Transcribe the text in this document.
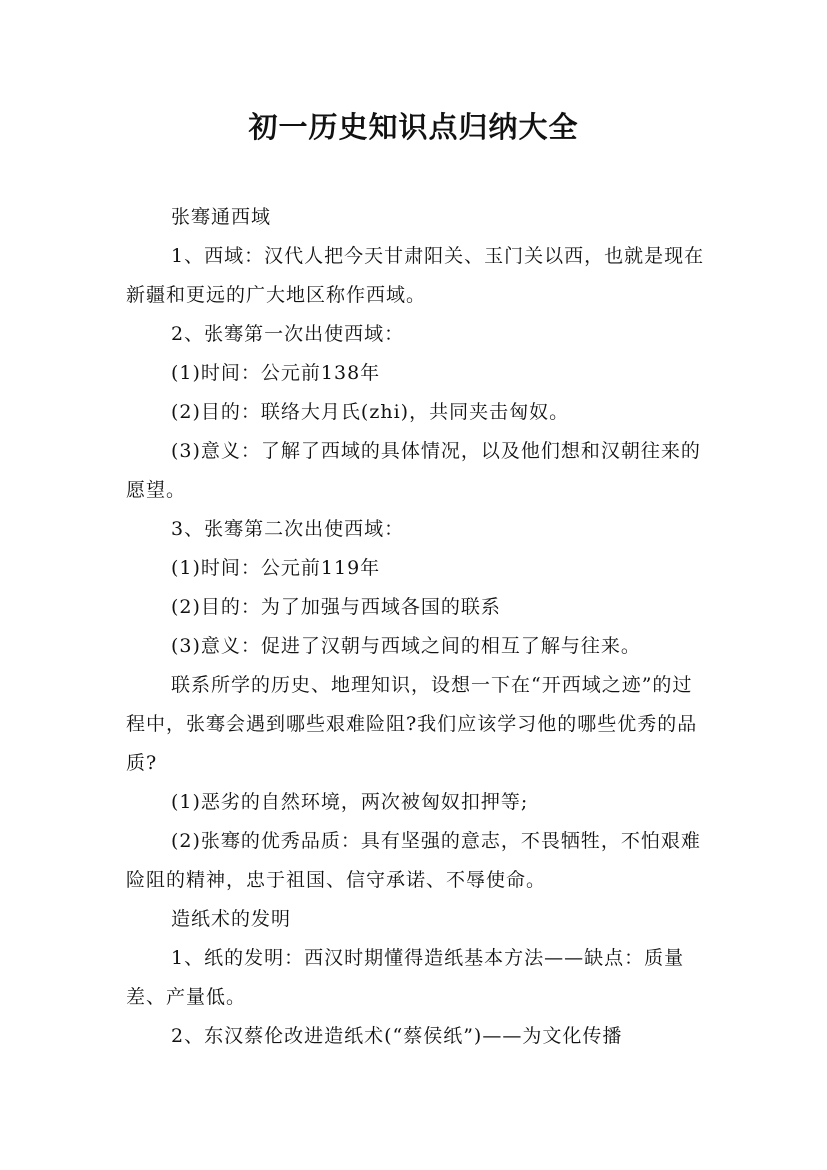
初一历史知识点归纳大全

张骞通西域

1、西域：汉代人把今天甘肃阳关、玉门关以西，也就是现在新疆和更远的广大地区称作西域。

2、张骞第一次出使西域：

(1)时间：公元前138年

(2)目的：联络大月氏(zhi)，共同夹击匈奴。

(3)意义：了解了西域的具体情况，以及他们想和汉朝往来的愿望。

3、张骞第二次出使西域：

(1)时间：公元前119年

(2)目的：为了加强与西域各国的联系

(3)意义：促进了汉朝与西域之间的相互了解与往来。

联系所学的历史、地理知识，设想一下在“开西域之迹”的过程中，张骞会遇到哪些艰难险阻?我们应该学习他的哪些优秀的品质?

(1)恶劣的自然环境，两次被匈奴扣押等;

(2)张骞的优秀品质：具有坚强的意志，不畏牺牲，不怕艰难险阻的精神，忠于祖国、信守承诺、不辱使命。

造纸术的发明

1、纸的发明：西汉时期懂得造纸基本方法——缺点：质量差、产量低。

2、东汉蔡伦改进造纸术(“蔡侯纸”)——为文化传播
